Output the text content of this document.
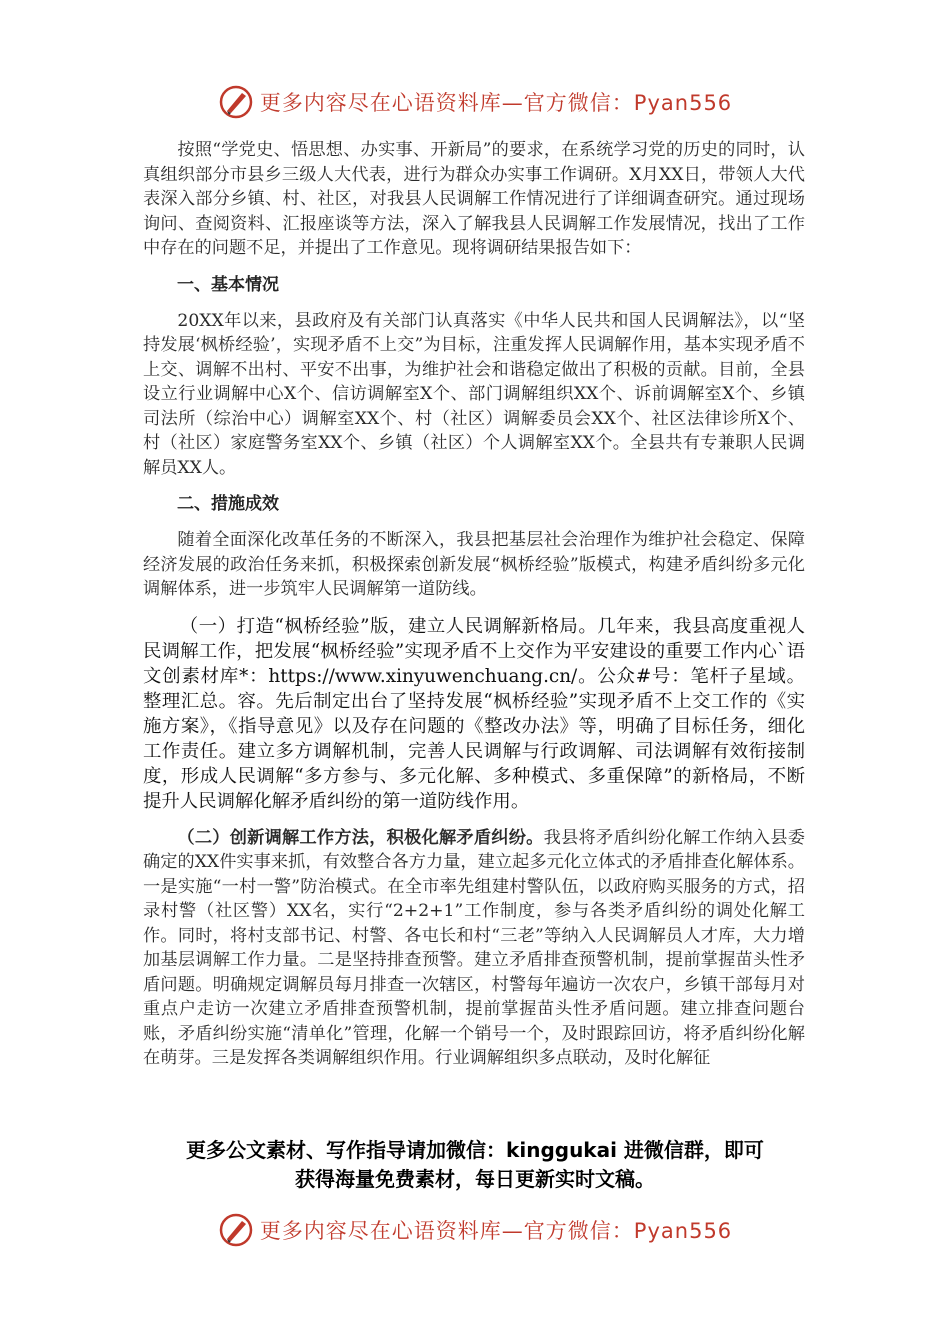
更多内容尽在心语资料库—官方微信：Pyan556

按照“学党史、悟思想、办实事、开新局”的要求，在系统学习党的历史的同时，认真组织部分市县乡三级人大代表，进行为群众办实事工作调研。X月XX日，带领人大代表深入部分乡镇、村、社区，对我县人民调解工作情况进行了详细调查研究。通过现场询问、查阅资料、汇报座谈等方法，深入了解我县人民调解工作发展情况，找出了工作中存在的问题不足，并提出了工作意见。现将调研结果报告如下：

一、基本情况

20XX年以来，县政府及有关部门认真落实《中华人民共和国人民调解法》，以“坚持发展‘枫桥经验’，实现矛盾不上交”为目标，注重发挥人民调解作用，基本实现矛盾不上交、调解不出村、平安不出事，为维护社会和谐稳定做出了积极的贡献。目前，全县设立行业调解中心X个、信访调解室X个、部门调解组织XX个、诉前调解室X个、乡镇司法所（综治中心）调解室XX个、村（社区）调解委员会XX个、社区法律诊所X个、村（社区）家庭警务室XX个、乡镇（社区）个人调解室XX个。全县共有专兼职人民调解员XX人。

二、措施成效

随着全面深化改革任务的不断深入，我县把基层社会治理作为维护社会稳定、保障经济发展的政治任务来抓，积极探索创新发展“枫桥经验”版模式，构建矛盾纠纷多元化调解体系，进一步筑牢人民调解第一道防线。

（一）打造“枫桥经验”版，建立人民调解新格局。几年来，我县高度重视人民调解工作，把发展“枫桥经验”实现矛盾不上交作为平安建设的重要工作内心`语文创素材库*：https://www.xinyuwenchuang.cn/。公众#号：笔杆子星域。整理汇总。容。先后制定出台了坚持发展“枫桥经验”实现矛盾不上交工作的《实施方案》，《指导意见》以及存在问题的《整改办法》等，明确了目标任务，细化工作责任。建立多方调解机制，完善人民调解与行政调解、司法调解有效衔接制度，形成人民调解“多方参与、多元化解、多种模式、多重保障”的新格局，不断提升人民调解化解矛盾纠纷的第一道防线作用。

（二）创新调解工作方法，积极化解矛盾纠纷。我县将矛盾纠纷化解工作纳入县委确定的XX件实事来抓，有效整合各方力量，建立起多元化立体式的矛盾排查化解体系。一是实施“一村一警”防治模式。在全市率先组建村警队伍，以政府购买服务的方式，招录村警（社区警）XX名，实行“2+2+1”工作制度，参与各类矛盾纠纷的调处化解工作。同时，将村支部书记、村警、各屯长和村“三老”等纳入人民调解员人才库，大力增加基层调解工作力量。二是坚持排查预警。建立矛盾排查预警机制，提前掌握苗头性矛盾问题。明确规定调解员每月排查一次辖区，村警每年遍访一次农户，乡镇干部每月对重点户走访一次建立矛盾排查预警机制，提前掌握苗头性矛盾问题。建立排查问题台账，矛盾纠纷实施“清单化”管理，化解一个销号一个，及时跟踪回访，将矛盾纠纷化解在萌芽。三是发挥各类调解组织作用。行业调解组织多点联动，及时化解征

更多公文素材、写作指导请加微信：kinggukai 进微信群，即可
获得海量免费素材，每日更新实时文稿。
更多内容尽在心语资料库—官方微信：Pyan556
